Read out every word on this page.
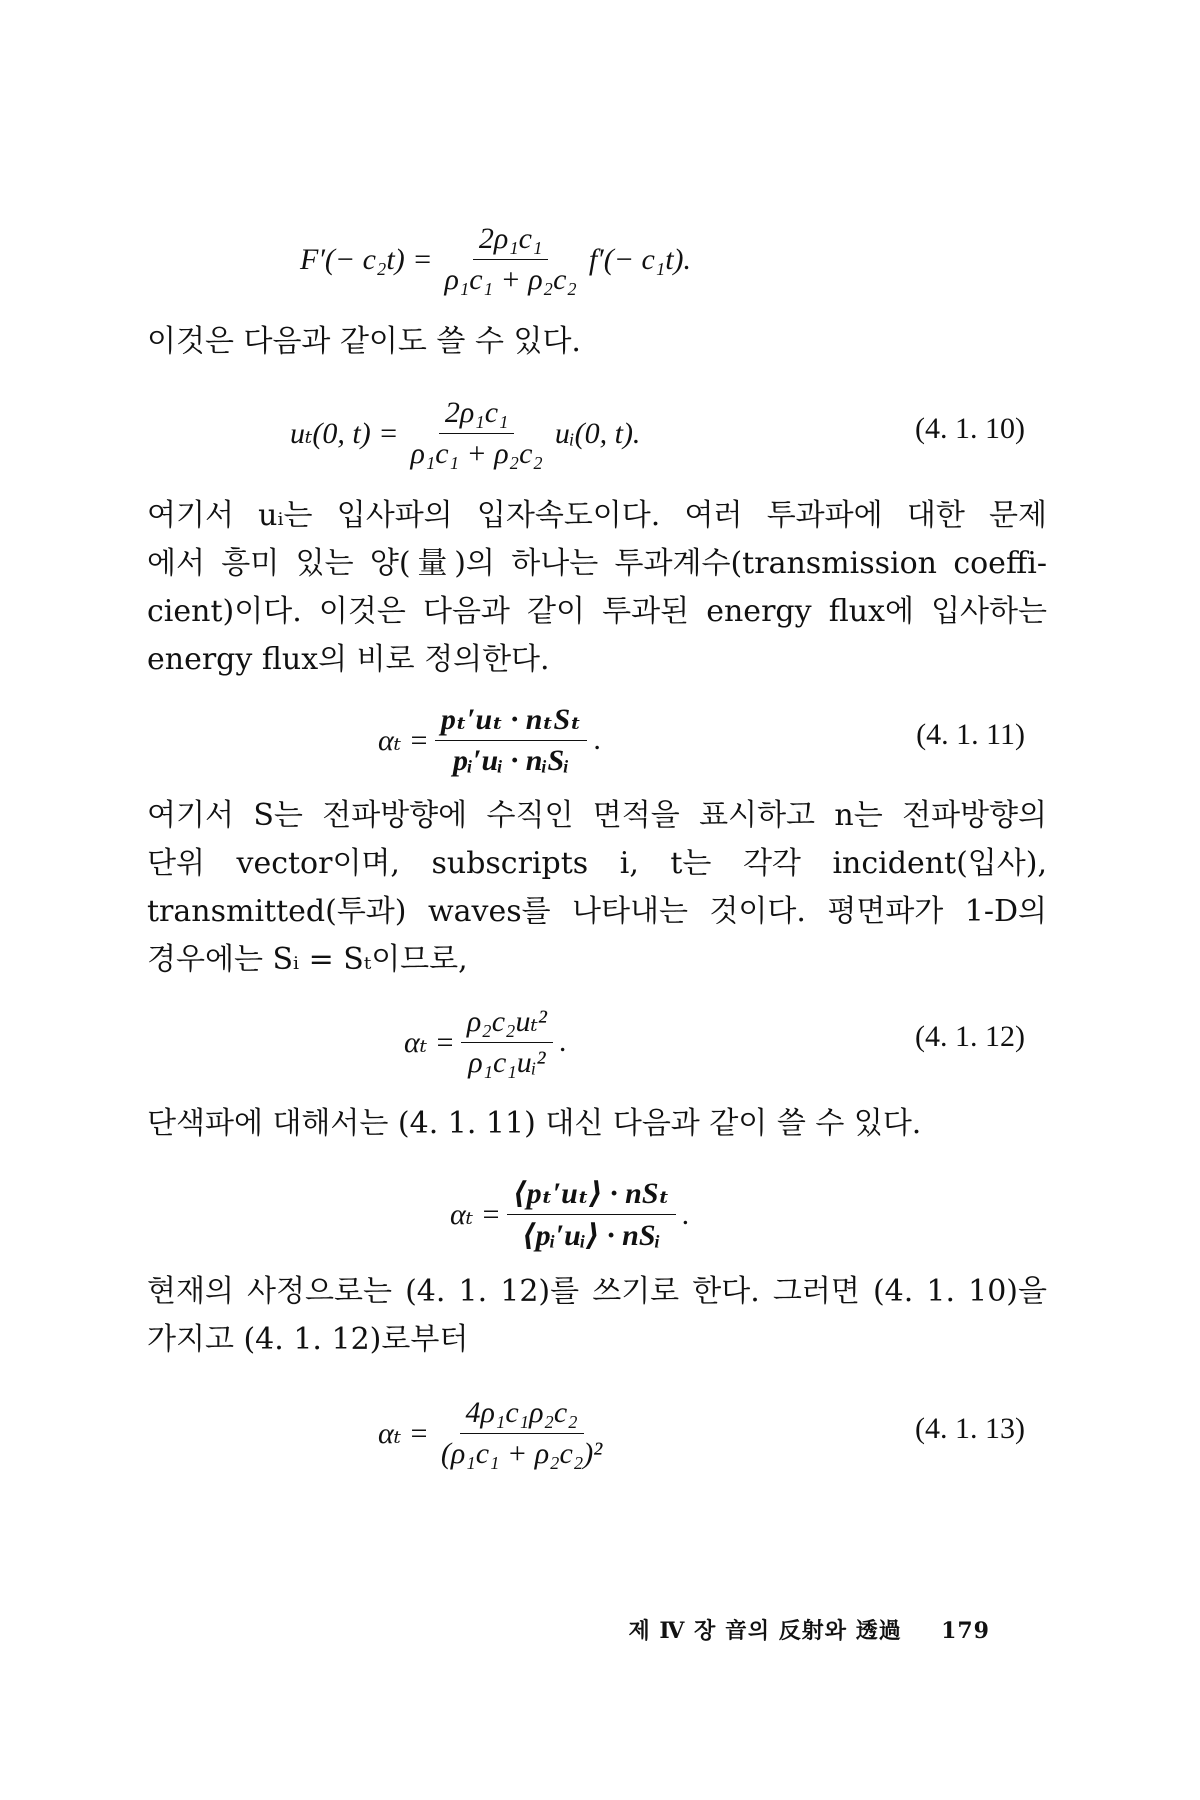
$F'(- c_2t) = \frac{\text{2ρ₁c₁}}{\text{ρ₁c₁ + ρ₂c₂}} f'(- c_1t)$.
이것은 다음과 같이도 쓸 수 있다.
uₜ(0, $t) = \frac{\text{2ρ₁c₁}}{\text{ρ₁c₁ + ρ₂c₂}}$ uᵢ(0, t).	(4. 1. 10)
여기서 uᵢ는 입사파의 입자속도이다. 여러 투과파에 대한 문제
에서 흥미 있는 양(量)의 하나는 투과계수(transmission coeffi-
cient)이다. 이것은 다음과 같이 투과된 energy flux에 입사하는
energy flux의 비로 정의한다.
$\alpha_t = \frac{\text{pₜ′uₜ · nₜSₜ}}{\text{pᵢ′uᵢ · nᵢSᵢ}}$ .	(4. 1. 11)
여기서 S는 전파방향에 수직인 면적을 표시하고 n는 전파방향의
단위 vector이며, subscripts i, t는 각각 incident(입사),
transmitted(투과) waves를 나타내는 것이다. 평면파가 1-D의
경우에는 Sᵢ = Sₜ이므로,
$\alpha_t = \frac{\text{ρ₂c₂uₜ²}}{\text{ρ₁c₁uᵢ²}}$ .	(4. 1. 12)
단색파에 대해서는 (4. 1. 11) 대신 다음과 같이 쓸 수 있다.
$\alpha_t = \frac{\text{⟨pₜ′uₜ⟩ · nSₜ}}{\text{⟨pᵢ′uᵢ⟩ · nSᵢ}}$ .
현재의 사정으로는 (4. 1. 12)를 쓰기로 한다. 그러면 (4. 1. 10)을
가지고 (4. 1. 12)로부터
$\alpha_t = \frac{\text{4ρ₁c₁ρ₂c₂}}{\text{(ρ₁c₁ + ρ₂c₂)²}}$	(4. 1. 13)
제 Ⅳ 장 音의 反射와 透過 179
